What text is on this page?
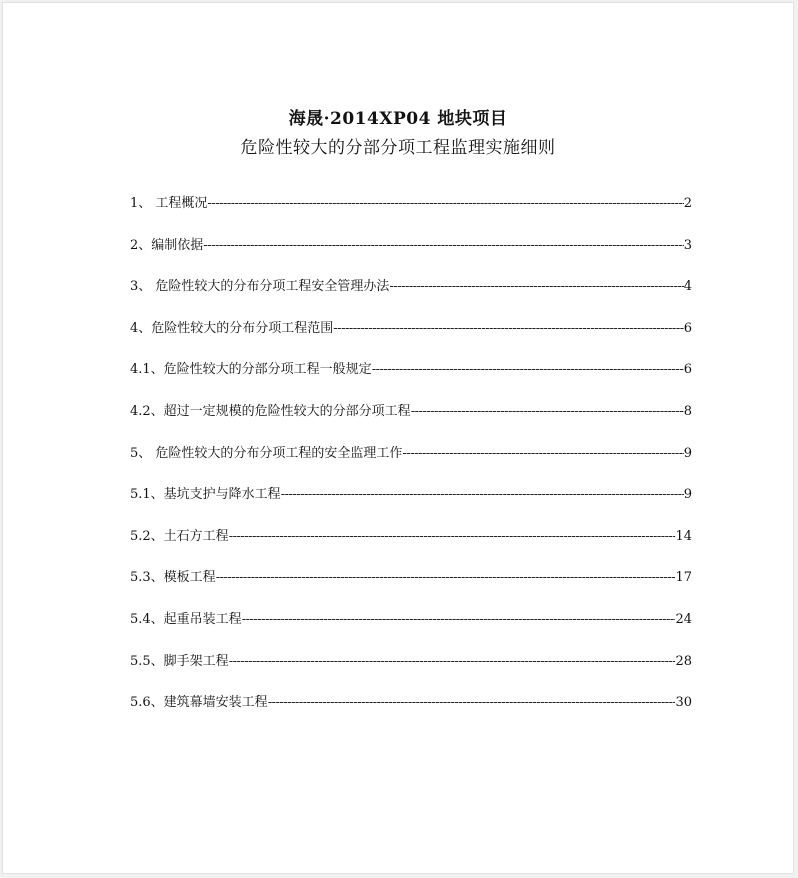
海晟·2014XP04 地块项目
危险性较大的分部分项工程监理实施细则
1、 工程概况 -----	2
2、编制依据 -----	3
3、 危险性较大的分布分项工程安全管理办法 -----	4
4、危险性较大的分布分项工程范围 -----	6
4.1、危险性较大的分部分项工程一般规定 -----	6
4.2、超过一定规模的危险性较大的分部分项工程 -----	8
5、 危险性较大的分布分项工程的安全监理工作 -----	9
5.1、基坑支护与降水工程 -----	9
5.2、土石方工程 -----	14
5.3、模板工程 -----	17
5.4、起重吊装工程 -----	24
5.5、脚手架工程 -----	28
5.6、建筑幕墙安装工程 -----	30
